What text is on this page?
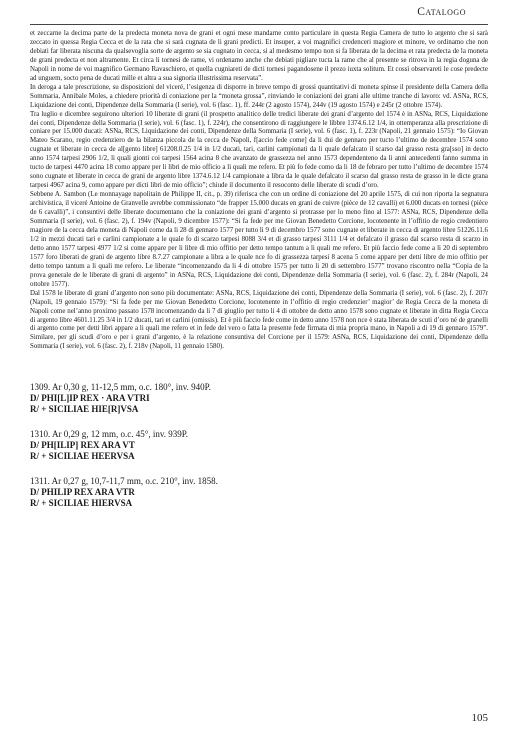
Catalogo

et zeccarne la decima parte de la predecta moneta nova de grani et ogni mese mandarne conto particulare in questa Regia Camera de tutto lo argento che si sarà zeccato in quessa Regia Cecca et de la rata che si sarà cugnata de li grani predicti. Et insuper, a voi magnifici credenceri magiore et minore, ve ordinamo che non debiati far liberata niscuna da qualsevoglia sorte de argento se sia cugnato in cecca, si al medesmo tempo non si fa liberata de la decima et rata predecta de la moneta de grani predecta et non altramente. Et circa li tornesi de rame, vi ordenamo anche che debiati pigliare tucta la rame che al presente se ritrova in la regia doguna de Napoli in nome de voi magnifico Germano Ravaschiero, et quella cugniareti de dicti tornesi pagandosene il prezo iuxta solitum. Et cossì observareti le cose predecte ad unguem, socto pena de ducati mille et altra a sua signoria illustrissima reservata”.

In deroga a tale prescrizione, su disposizioni del viceré, l’esigenza di disporre in breve tempo di grossi quantitativi di moneta spinse il presidente della Camera della Sommaria, Annibale Moles, a chiedere priorità di coniazione per la “moneta grossa”, rinviando le coniazioni dei grani alle ultime tranche di lavoro: vd. ASNa, RCS, Liquidazione dei conti, Dipendenze della Sommaria (I serie), vol. 6 (fasc. 1), ff. 244r (2 agosto 1574), 244v (19 agosto 1574) e 245r (2 ottobre 1574).

Tra luglio e dicembre seguirono ulteriori 10 liberate di grani (il prospetto analitico delle tredici liberate dei grani d’argento del 1574 è in ASNa, RCS, Liquidazione dei conti, Dipendenze della Sommaria (I serie), vol. 6 (fasc. 1), f. 224r), che consentirono di raggiungere le libbre 1374.6.12 1/4, in ottemperanza alla prescrizione di coniare per 15.000 ducati: ASNa, RCS, Liquidazione dei conti, Dipendenze della Sommaria (I serie), vol. 6 (fasc. 1), f. 223r (Napoli, 21 gennaio 1575): “Io Giovan Mateo Scarano, regio credenziero de la bilanza piccola de la cecca de Napoli, f[accio fede come] da li dui de gennaro per tucto l’ultimo de decembre 1574 sono cugnate et liberate in cecca de al[gento libre] 61208.0.25 1/4 in 1/2 ducati, tari, carlini campionati da li quale defalcato il scarso dal grasso resta gra[sso] in decto anno 1574 tarpesi 2906 1/2, li quali gionti coi tarpesi 1564 acina 8 che avanzato de grassezza nel anno 1573 dependenteno da li anni antecedenti fanno summa in tucto de tarpesi 4470 acina 18 como appare per li libri de mio officio a li quali me refero. Et più fo fede como da li 18 de febraro per tutto l’ultimo de decembre 1574 sono cugnate et liberate in cecca de grani de argento libre 1374.6.12 1/4 campionate a libra da le quale defalcato il scarso dal grasso resta de grasso in le dicte grana tarpesi 4967 acina 9, como appare per dicti libri de mio officio”; chiude il documento il resoconto delle liberate di scudi d’oro.

Sebbene A. Sambon (Le monnayage napolitain de Philippe II, cit., p. 39) riferisca che con un ordine di coniazione del 20 aprile 1575, di cui non riporta la segnatura archivistica, il viceré Antoine de Granvelle avrebbe commissionato “de frapper 15.000 ducats en grani de cuivre (pièce de 12 cavalli) et 6.000 ducats en tornesi (pièce de 6 cavalli)”, i consuntivi delle liberate documentano che la coniazione dei grani d’argento si protrasse per lo meno fino al 1577: ASNa, RCS, Dipendenze della Sommaria (I serie), vol. 6 (fasc. 2), f. 194v (Napoli, 9 dicembre 1577): “Si fa fede per me Giovan Benedetto Corcione, locotenente in l’offitio de regio credentiero magiore de la cecca dela moneta di Napoli come da li 28 di gennaro 1577 per tutto li 9 di decembro 1577 sono cugnate et liberate in cecca di argento libre 51226.11.6 1/2 in mezzi ducati tari e carlini campionate a le quale fo di scarzo tarpesi 8088 3/4 et di grasso tarpesi 3111 1/4 et defalcato il grasso dal scarso resta di scarzo in detto anno 1577 tarpesi 4977 1/2 si come appare per li libre di mio offitio per detto tempo tantum a li quali me refero. Et più faccio fede come a li 20 di septembro 1577 foro liberati de grani de argento libre 8.7.27 campionate a libra a le quale nce fo di grassezza tarpesi 8 acena 5 come appare per detti libre de mio offitio per detto tempo tantum a li quali me refero. Le liberate “incomenzando da li 4 di ottobre 1575 per tutto li 20 di settembro 1577” trovano riscontro nella “Copia de la prova generale de le liberate di grani di argento” in ASNa, RCS, Liquidazione dei conti, Dipendenze della Sommaria (I serie), vol. 6 (fasc. 2), f. 284r (Napoli, 24 ottobre 1577).

Dal 1578 le liberate di grani d’argento non sono più documentate: ASNa, RCS, Liquidazione dei conti, Dipendenze della Sommaria (I serie), vol. 6 (fasc. 2), f. 207r (Napoli, 19 gennaio 1579): “Si fa fede per me Giovan Benedetto Corcione, locotenente in l’offitio di regio credenzier’ magior’ de Regia Cecca de la moneta di Napoli come nel’anno proximo passato 1578 incomenzando da li 7 di giuglio per tutto li 4 di ottobre de detto anno 1578 sono cugnate et liberate in ditta Regia Cecca di argento libre 4601.11.25 3/4 in 1/2 ducati, tari et carlini (omissis). Et è più faccio fede come in detto anno 1578 non nce è stata liberata de scuti d’oro né de granelli di argento come per detti libri appare a li quali me refero et in fede del vero o fatta la presente fede firmata di mia propria mano, in Napoli a di 19 di gennaro 1579”. Similare, per gli scudi d’oro e per i grani d’argento, è la relazione consuntiva del Corcione per il 1579: ASNa, RCS, Liquidazione dei conti, Dipendenze della Sommaria (I serie), vol. 6 (fasc. 2), f. 218v (Napoli, 11 gennaio 1580).

1309. Ar 0,30 g, 11-12,5 mm, o.c. 180°, inv. 940P.

D/ PHI[L]IP REX · ARA VTRI

R/ + SICILIAE HIE[R]VSA

1310. Ar 0,29 g, 12 mm, o.c. 45°, inv. 939P.

D/ PH[ILIP] REX ARA VT

R/ + SICILIAE HEERVSA

1311. Ar 0,27 g, 10,7-11,7 mm, o.c. 210°, inv. 1858.

D/ PHILIP REX ARA VTR

R/ + SICILIAE HIERVSA

105
